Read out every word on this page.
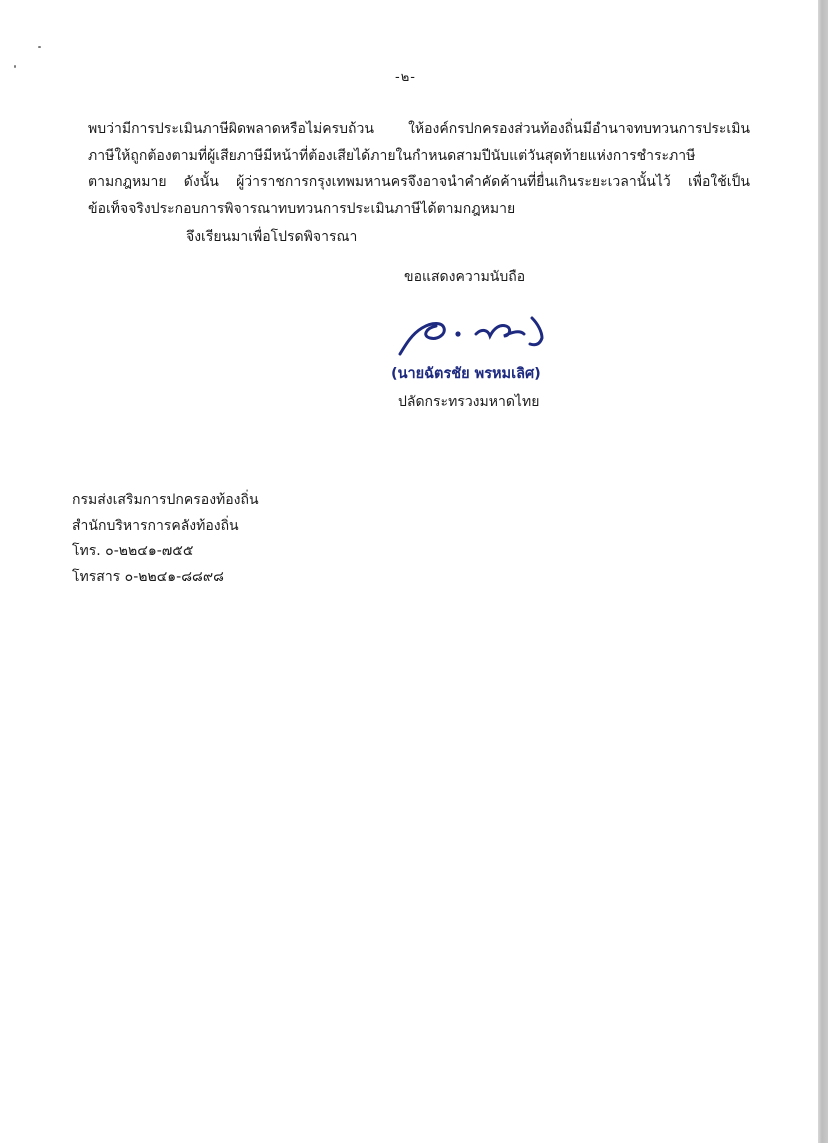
-๒-

พบว่ามีการประเมินภาษีผิดพลาดหรือไม่ครบถ้วน ให้องค์กรปกครองส่วนท้องถิ่นมีอำนาจทบทวนการประเมิน
ภาษีให้ถูกต้องตามที่ผู้เสียภาษีมีหน้าที่ต้องเสียได้ภายในกำหนดสามปีนับแต่วันสุดท้ายแห่งการชำระภาษี
ตามกฎหมาย ดังนั้น ผู้ว่าราชการกรุงเทพมหานครจึงอาจนำคำคัดค้านที่ยื่นเกินระยะเวลานั้นไว้ เพื่อใช้เป็น
ข้อเท็จจริงประกอบการพิจารณาทบทวนการประเมินภาษีได้ตามกฎหมาย

จึงเรียนมาเพื่อโปรดพิจารณา
ขอแสดงความนับถือ
(นายฉัตรชัย พรหมเลิศ)
ปลัดกระทรวงมหาดไทย
กรมส่งเสริมการปกครองท้องถิ่น
สำนักบริหารการคลังท้องถิ่น
โทร. ๐-๒๒๔๑-๗๕๕
โทรสาร ๐-๒๒๔๑-๘๘๙๘
